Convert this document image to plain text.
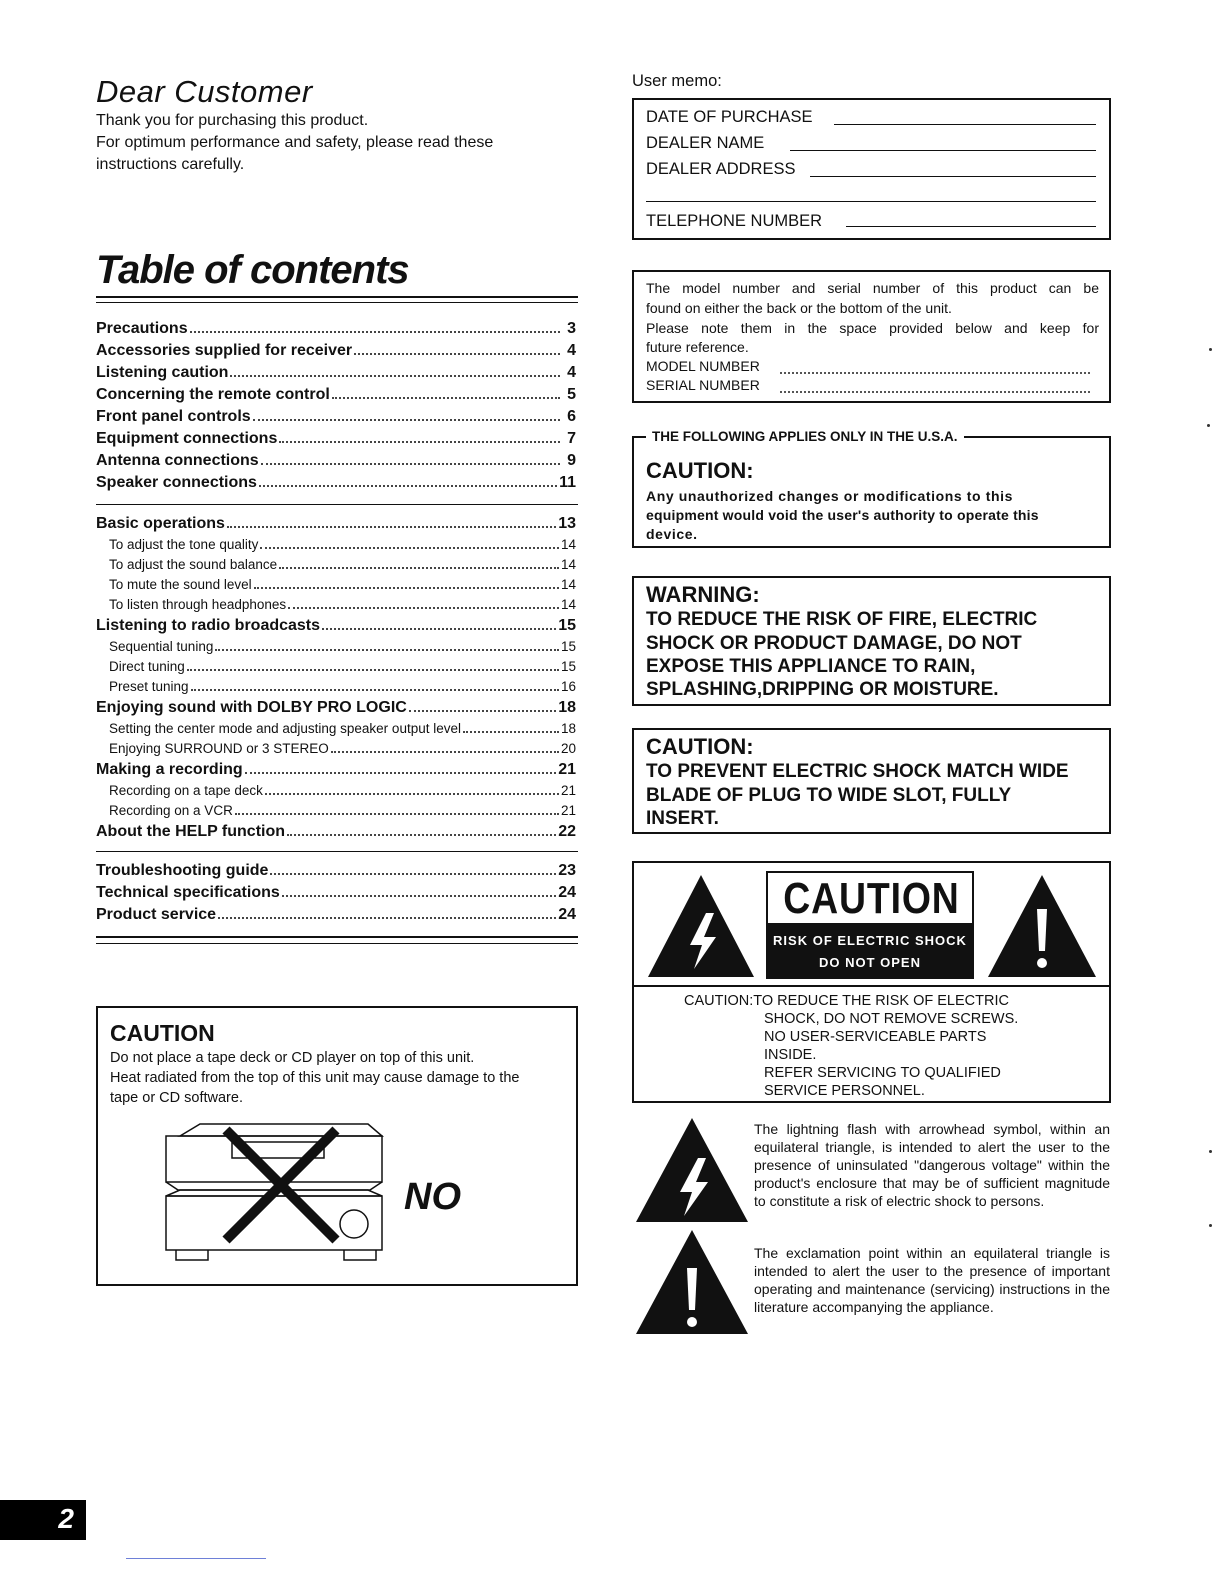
Dear Customer
Thank you for purchasing this product.
For optimum performance and safety, please read these
instructions carefully.
Table of contents
Precautions	3
Accessories supplied for receiver	4
Listening caution	4
Concerning the remote control	5
Front panel controls	6
Equipment connections	7
Antenna connections	9
Speaker connections	11
Basic operations	13
To adjust the tone quality	14
To adjust the sound balance	14
To mute the sound level	14
To listen through headphones	14
Listening to radio broadcasts	15
Sequential tuning	15
Direct tuning	15
Preset tuning	16
Enjoying sound with DOLBY PRO LOGIC	18
Setting the center mode and adjusting speaker output level	18
Enjoying SURROUND or 3 STEREO	20
Making a recording	21
Recording on a tape deck	21
Recording on a VCR	21
About the HELP function	22
Troubleshooting guide	23
Technical specifications	24
Product service	24
CAUTION
Do not place a tape deck or CD player on top of this unit.
Heat radiated from the top of this unit may cause damage to the
tape or CD software.
NO
User memo:
DATE OF PURCHASE
DEALER NAME
DEALER ADDRESS
TELEPHONE NUMBER
The model number and serial number of this product can be
found on either the back or the bottom of the unit.
Please note them in the space provided below and keep for
future reference.
MODEL NUMBER
SERIAL NUMBER
THE FOLLOWING APPLIES ONLY IN THE U.S.A.
CAUTION:
Any unauthorized changes or modifications to this
equipment would void the user's authority to operate this
device.
WARNING:
TO REDUCE THE RISK OF FIRE, ELECTRIC
SHOCK OR PRODUCT DAMAGE, DO NOT
EXPOSE THIS APPLIANCE TO RAIN,
SPLASHING,DRIPPING OR MOISTURE.
CAUTION:
TO PREVENT ELECTRIC SHOCK MATCH WIDE
BLADE OF PLUG TO WIDE SLOT, FULLY
INSERT.
CAUTION
RISK OF ELECTRIC SHOCK
DO NOT OPEN
CAUTION:TO REDUCE THE RISK OF ELECTRIC
SHOCK, DO NOT REMOVE SCREWS.
NO USER-SERVICEABLE PARTS
INSIDE.
REFER SERVICING TO QUALIFIED
SERVICE PERSONNEL.
The lightning flash with arrowhead symbol, within an equilateral triangle, is intended to alert the user to the presence of uninsulated "dangerous voltage" within the product's enclosure that may be of sufficient magnitude to constitute a risk of electric shock to persons.
The exclamation point within an equilateral triangle is intended to alert the user to the presence of important operating and maintenance (servicing) instructions in the literature accompanying the appliance.
2
